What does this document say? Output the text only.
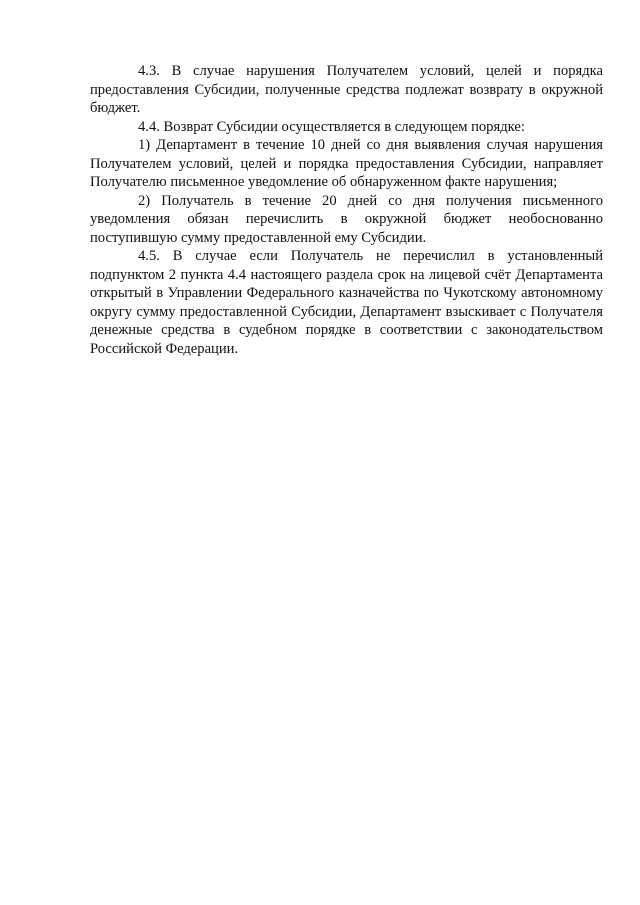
4.3. В случае нарушения Получателем условий, целей и порядка предоставления Субсидии, полученные средства подлежат возврату в окружной бюджет.

4.4. Возврат Субсидии осуществляется в следующем порядке:

1) Департамент в течение 10 дней со дня выявления случая нарушения Получателем условий, целей и порядка предоставления Субсидии, направляет Получателю письменное уведомление об обнаруженном факте нарушения;

2) Получатель в течение 20 дней со дня получения письменного уведомления обязан перечислить в окружной бюджет необоснованно поступившую сумму предоставленной ему Субсидии.

4.5. В случае если Получатель не перечислил в установленный подпунктом 2 пункта 4.4 настоящего раздела срок на лицевой счёт Департамента открытый в Управлении Федерального казначейства по Чукотскому автономному округу сумму предоставленной Субсидии, Департамент взыскивает с Получателя денежные средства в судебном порядке в соответствии с законодательством Российской Федерации.
